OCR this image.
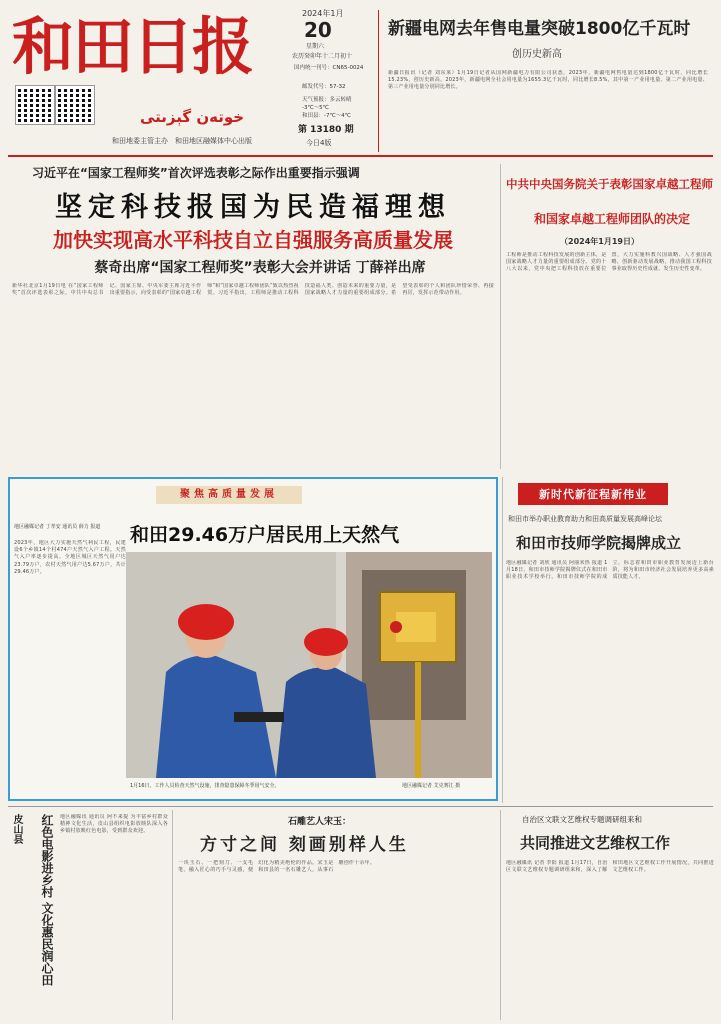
和田日报
خوتەن گېزىتى
和田地委主管主办　和田地区融媒体中心出版
2024年1月
20
星期六
农历癸卯年十二月初十
国内统一刊号：CN65-0024
邮发代号：57-32
天气预报：多云转晴
-3℃～5℃
和田县：-7℃～4℃
第 13180 期
今日4版
新疆电网去年售电量突破1800亿千瓦时
创历史新高
新疆日报讯（记者 刘东莱）1月19日记者从国网新疆电力有限公司获悉，2023年，新疆电网售电量达到1800亿千瓦时，同比增长15.23%，创历史新高。2023年，新疆电网全社会用电量为1655.3亿千瓦时，同比增长8.5%，其中第一产业用电量、第二产业用电量、第三产业用电量分别同比增长。
习近平在“国家工程师奖”首次评选表彰之际作出重要指示强调
坚定科技报国为民造福理想
加快实现高水平科技自立自强服务高质量发展
蔡奇出席“国家工程师奖”表彰大会并讲话 丁薛祥出席
新华社北京1月19日电 在“国家工程师奖”首次评选表彰之际，中共中央总书记、国家主席、中央军委主席习近平作出重要指示，向受表彰的“国家卓越工程师”和“国家卓越工程师团队”致以热烈祝贺。习近平指出，工程师是推动工程科技造福人类、创造未来的重要力量，是国家战略人才力量的重要组成部分。希望受表彰的个人和团队珍惜荣誉、再接再厉，发挥示范带动作用。
中共中央国务院关于表彰国家卓越工程师
和国家卓越工程师团队的决定
（2024年1月19日）
工程师是推动工程科技发展的创新主体，是国家战略人才力量的重要组成部分。党的十八大以来，党中央把工程科技放在重要位置，大力实施科教兴国战略、人才强国战略、创新驱动发展战略，推动我国工程科技事业取得历史性成就、发生历史性变革。
聚焦高质量发展
和田29.46万户居民用上天然气
地区融媒记者 丁孝安 通讯员 薛力 报道
2023年，地区大力实施天然气利民工程，民建设6个乡镇14个村474户天然气入户工程。天然气入户率逐步提高。全地区城区天然气用户达23.79万户，农村天然气用户达5.67万户，共计29.46万户。
1月16日，工作人员检查天然气设施，排查隐患保障冬季用气安全。	地区融媒记者 艾克赛江 摄
新时代新征程新伟业
和田市举办职业教育助力和田高质量发展高峰论坛
和田市技师学院揭牌成立
地区融媒记者 刘欣 通讯员 阿丽米热 报道 1月18日，和田市技师学院揭牌仪式在和田市职业技术学校举行。和田市技师学院的成立，标志着和田市职业教育发展迈上新台阶，将为和田市经济社会发展培养更多高素质技能人才。
皮山县	红色电影进乡村 文化惠民润心田	地区融媒讯 通讯员 阿不来提 为丰富乡村群众精神文化生活，皮山县组织电影放映队深入各乡镇村放映红色电影，受到群众欢迎。
石雕艺人宋玉：
方寸之间 刻画别样人生
一块玉石、一把刻刀、一支毛笔，融入匠心的巧手与灵感，便幻化为精美绝伦的作品。宋玉是和田县的一名石雕艺人，从事石雕创作十余年。
自治区文联文艺维权专题调研组来和
共同推进文艺维权工作
地区融媒讯 记者 李阳 报道 1月17日，自治区文联文艺维权专题调研组来和，深入了解和田地区文艺维权工作开展情况，共同推进文艺维权工作。
